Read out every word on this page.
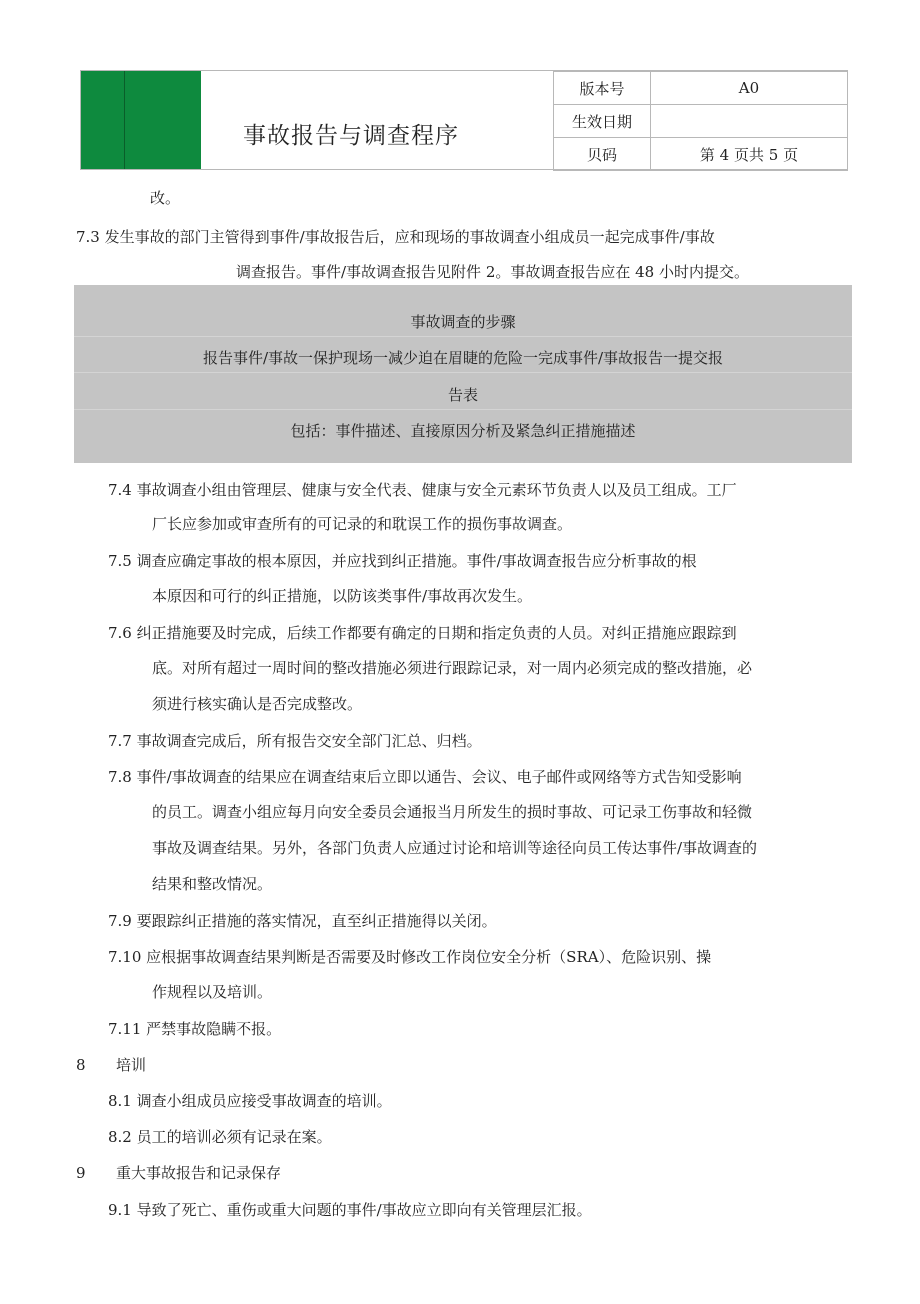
事故报告与调查程序
版本号	A0
生效日期	
贝码	第 4 页共 5 页
改。
7.3 发生事故的部门主管得到事件/事故报告后，应和现场的事故调查小组成员一起完成事件/事故
调查报告。事件/事故调查报告见附件 2。事故调查报告应在 48 小时内提交。
事故调查的步骤
报告事件/事故一保护现场一减少迫在眉睫的危险一完成事件/事故报告一提交报
告表
包括：事件描述、直接原因分析及紧急纠正措施描述
7.4 事故调查小组由管理层、健康与安全代表、健康与安全元素环节负责人以及员工组成。工厂
厂长应参加或审查所有的可记录的和耽误工作的损伤事故调查。
7.5 调查应确定事故的根本原因，并应找到纠正措施。事件/事故调查报告应分析事故的根
本原因和可行的纠正措施，以防该类事件/事故再次发生。
7.6 纠正措施要及时完成，后续工作都要有确定的日期和指定负责的人员。对纠正措施应跟踪到
底。对所有超过一周时间的整改措施必须进行跟踪记录，对一周内必须完成的整改措施，必
须进行核实确认是否完成整改。
7.7 事故调查完成后，所有报告交安全部门汇总、归档。
7.8 事件/事故调查的结果应在调查结束后立即以通告、会议、电子邮件或网络等方式告知受影响
的员工。调查小组应每月向安全委员会通报当月所发生的损时事故、可记录工伤事故和轻微
事故及调查结果。另外，各部门负责人应通过讨论和培训等途径向员工传达事件/事故调查的
结果和整改情况。
7.9 要跟踪纠正措施的落实情况，直至纠正措施得以关闭。
7.10 应根据事故调查结果判断是否需要及时修改工作岗位安全分析（SRA）、危险识别、操
作规程以及培训。
7.11 严禁事故隐瞒不报。
8 培训
8.1 调查小组成员应接受事故调查的培训。
8.2 员工的培训必须有记录在案。
9 重大事故报告和记录保存
9.1 导致了死亡、重伤或重大问题的事件/事故应立即向有关管理层汇报。
